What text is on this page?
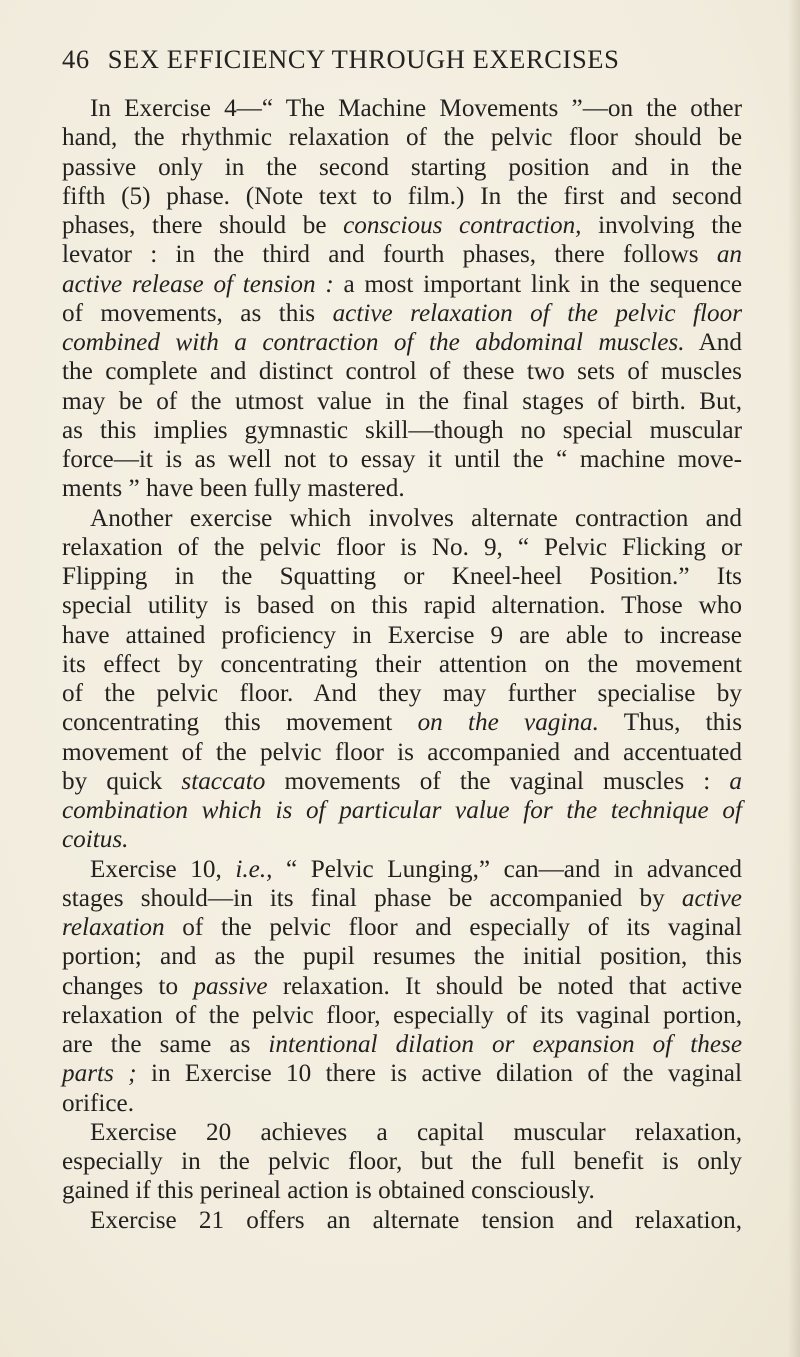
46 SEX EFFICIENCY THROUGH EXERCISES
In Exercise 4—“ The Machine Movements ”—on the other
hand, the rhythmic relaxation of the pelvic floor should be
passive only in the second starting position and in the
fifth (5) phase. (Note text to film.) In the first and second
phases, there should be conscious contraction, involving the
levator : in the third and fourth phases, there follows an
active release of tension : a most important link in the sequence
of movements, as this active relaxation of the pelvic floor
combined with a contraction of the abdominal muscles. And
the complete and distinct control of these two sets of muscles
may be of the utmost value in the final stages of birth. But,
as this implies gymnastic skill—though no special muscular
force—it is as well not to essay it until the “ machine move-
ments ” have been fully mastered.
Another exercise which involves alternate contraction and
relaxation of the pelvic floor is No. 9, “ Pelvic Flicking or
Flipping in the Squatting or Kneel-heel Position.” Its
special utility is based on this rapid alternation. Those who
have attained proficiency in Exercise 9 are able to increase
its effect by concentrating their attention on the movement
of the pelvic floor. And they may further specialise by
concentrating this movement on the vagina. Thus, this
movement of the pelvic floor is accompanied and accentuated
by quick staccato movements of the vaginal muscles : a
combination which is of particular value for the technique of
coitus.
Exercise 10, i.e., “ Pelvic Lunging,” can—and in advanced
stages should—in its final phase be accompanied by active
relaxation of the pelvic floor and especially of its vaginal
portion; and as the pupil resumes the initial position, this
changes to passive relaxation. It should be noted that active
relaxation of the pelvic floor, especially of its vaginal portion,
are the same as intentional dilation or expansion of these
parts ; in Exercise 10 there is active dilation of the vaginal
orifice.
Exercise 20 achieves a capital muscular relaxation,
especially in the pelvic floor, but the full benefit is only
gained if this perineal action is obtained consciously.
Exercise 21 offers an alternate tension and relaxation,
